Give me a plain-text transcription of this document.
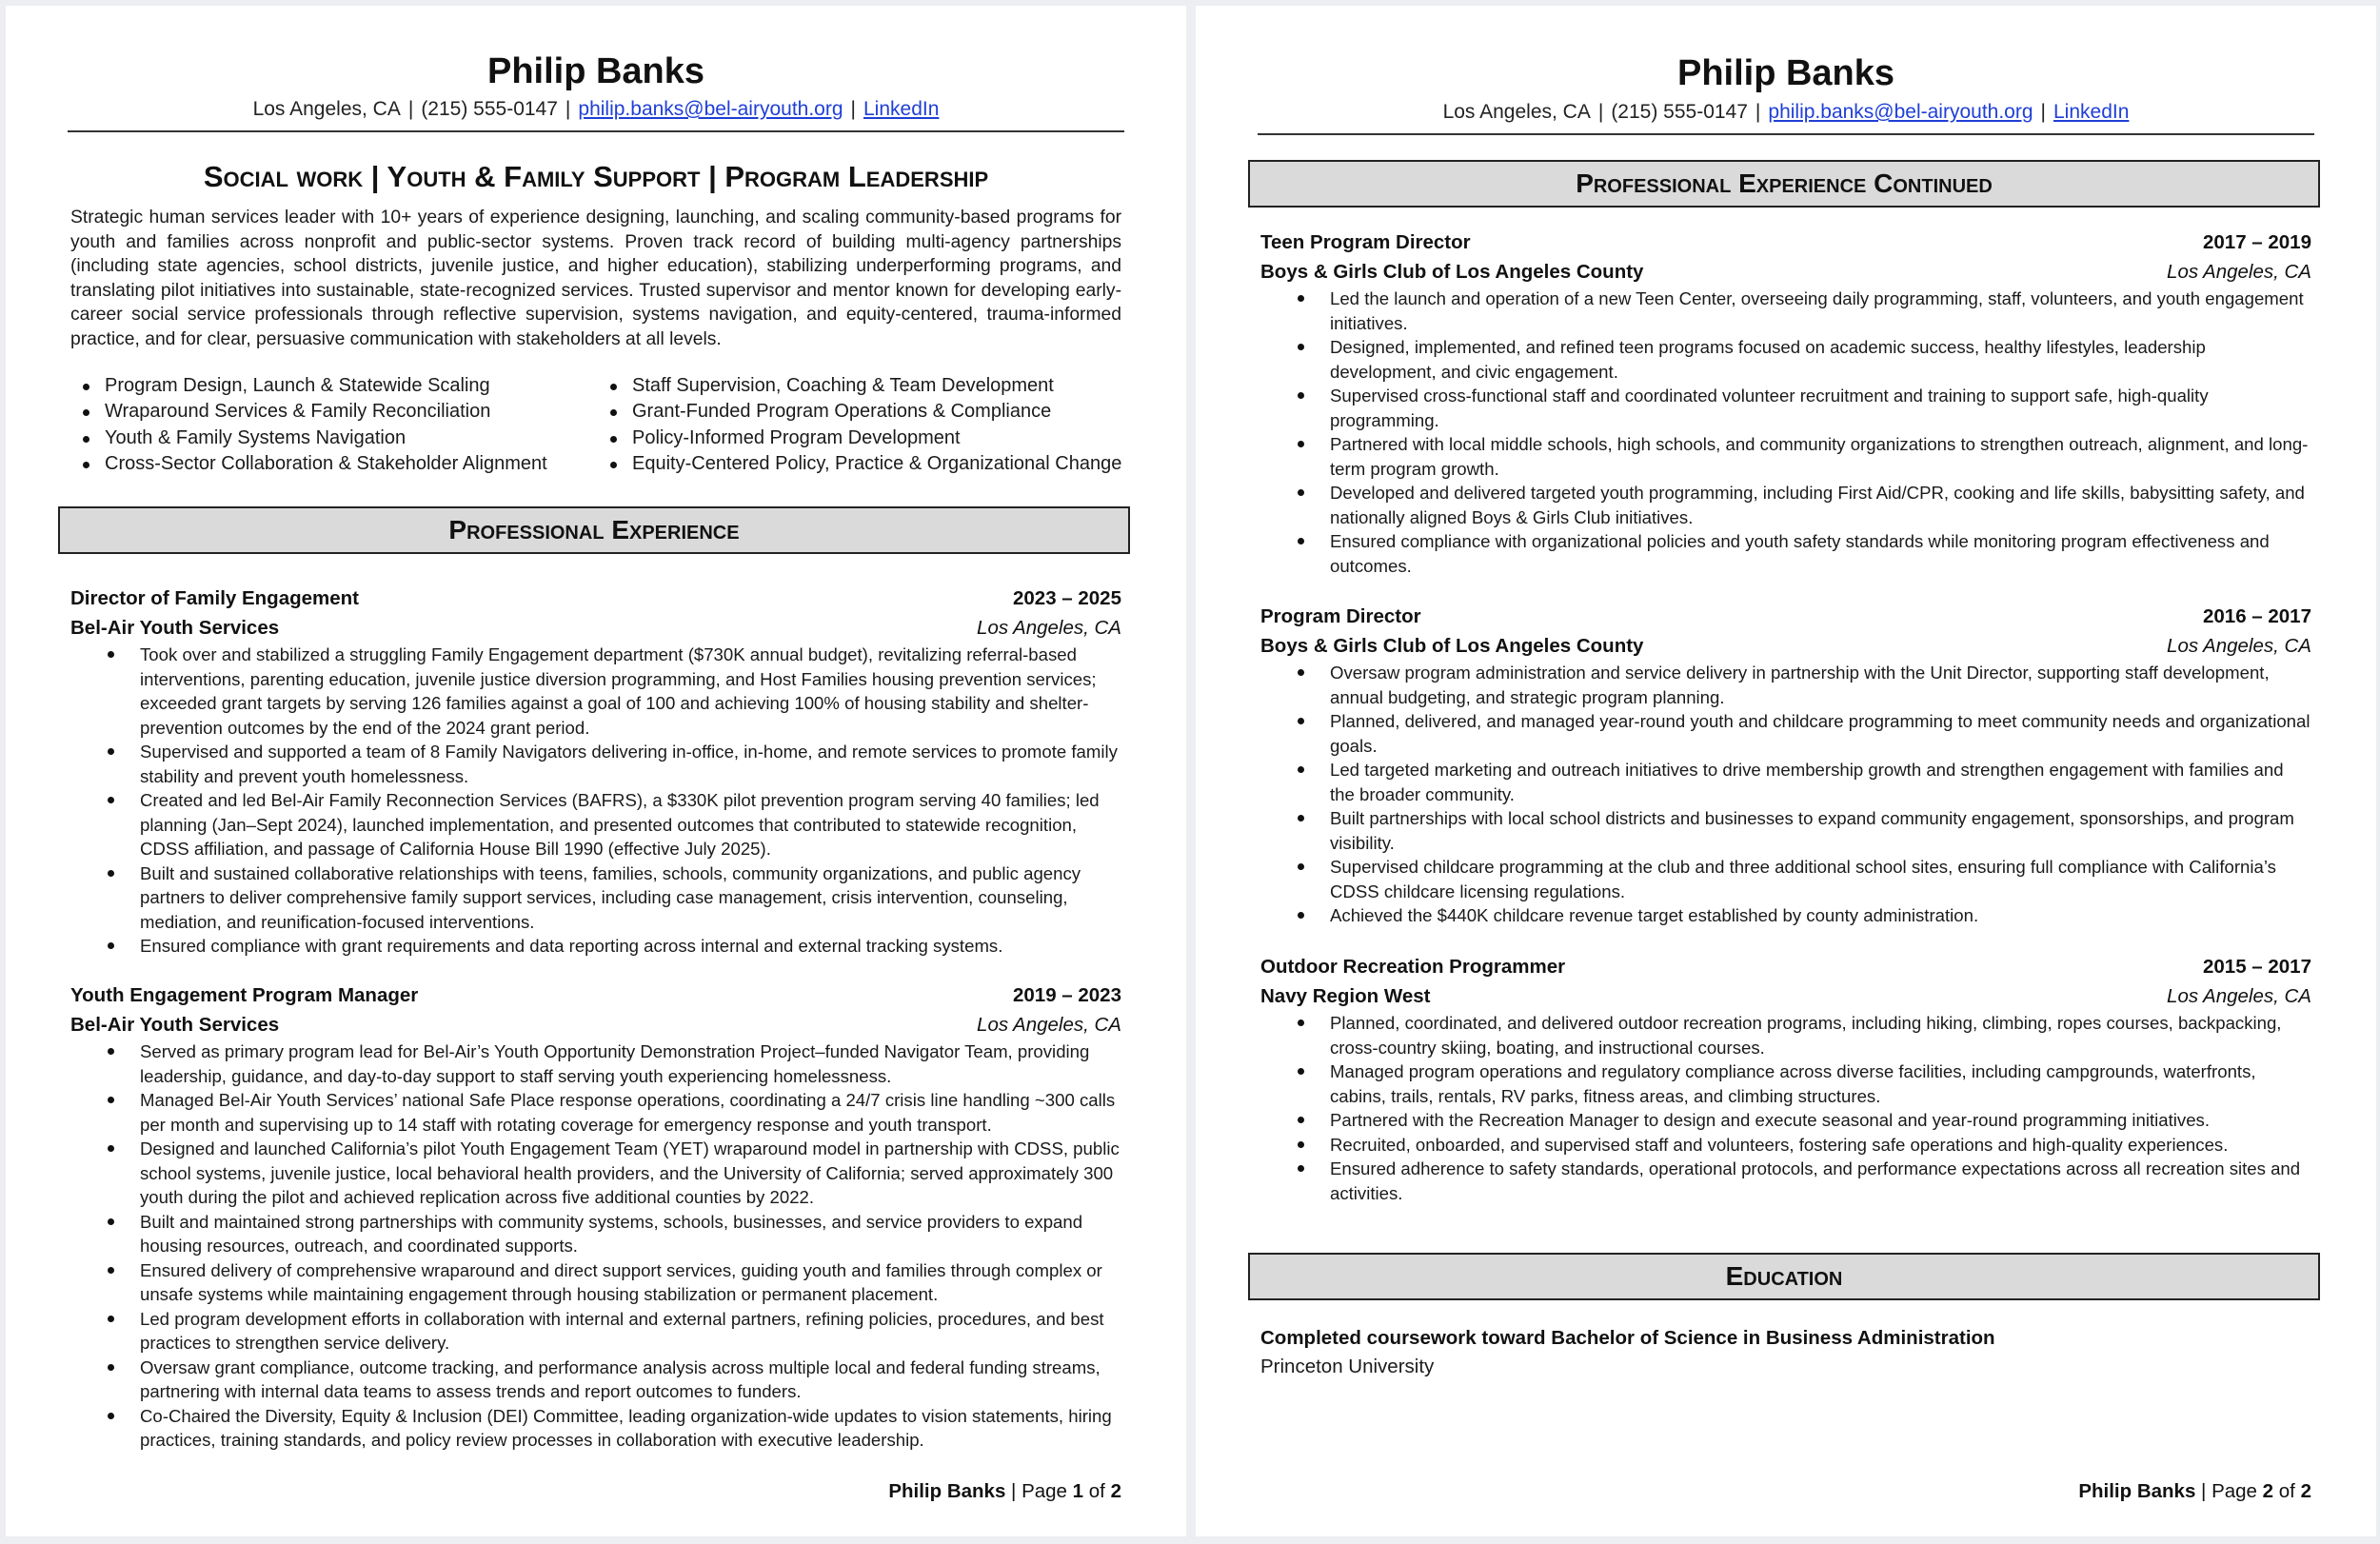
Philip Banks
Los Angeles, CA | (215) 555-0147 | philip.banks@bel-airyouth.org | LinkedIn
Social work | Youth & Family Support | Program Leadership
Strategic human services leader with 10+ years of experience designing, launching, and scaling community-based programs for youth and families across nonprofit and public-sector systems. Proven track record of building multi-agency partnerships (including state agencies, school districts, juvenile justice, and higher education), stabilizing underperforming programs, and translating pilot initiatives into sustainable, state-recognized services. Trusted supervisor and mentor known for developing early-career social service professionals through reflective supervision, systems navigation, and equity-centered, trauma-informed practice, and for clear, persuasive communication with stakeholders at all levels.
Program Design, Launch & Statewide Scaling
Wraparound Services & Family Reconciliation
Youth & Family Systems Navigation
Cross-Sector Collaboration & Stakeholder Alignment
Staff Supervision, Coaching & Team Development
Grant-Funded Program Operations & Compliance
Policy-Informed Program Development
Equity-Centered Policy, Practice & Organizational Change
Professional Experience
Director of Family Engagement	2023 – 2025
Bel-Air Youth Services	Los Angeles, CA
Took over and stabilized a struggling Family Engagement department ($730K annual budget), revitalizing referral-based interventions, parenting education, juvenile justice diversion programming, and Host Families housing prevention services; exceeded grant targets by serving 126 families against a goal of 100 and achieving 100% of housing stability and shelter-prevention outcomes by the end of the 2024 grant period.
Supervised and supported a team of 8 Family Navigators delivering in-office, in-home, and remote services to promote family stability and prevent youth homelessness.
Created and led Bel-Air Family Reconnection Services (BAFRS), a $330K pilot prevention program serving 40 families; led planning (Jan–Sept 2024), launched implementation, and presented outcomes that contributed to statewide recognition, CDSS affiliation, and passage of California House Bill 1990 (effective July 2025).
Built and sustained collaborative relationships with teens, families, schools, community organizations, and public agency partners to deliver comprehensive family support services, including case management, crisis intervention, counseling, mediation, and reunification-focused interventions.
Ensured compliance with grant requirements and data reporting across internal and external tracking systems.
Youth Engagement Program Manager	2019 – 2023
Bel-Air Youth Services	Los Angeles, CA
Served as primary program lead for Bel-Air’s Youth Opportunity Demonstration Project–funded Navigator Team, providing leadership, guidance, and day-to-day support to staff serving youth experiencing homelessness.
Managed Bel-Air Youth Services’ national Safe Place response operations, coordinating a 24/7 crisis line handling ~300 calls per month and supervising up to 14 staff with rotating coverage for emergency response and youth transport.
Designed and launched California’s pilot Youth Engagement Team (YET) wraparound model in partnership with CDSS, public school systems, juvenile justice, local behavioral health providers, and the University of California; served approximately 300 youth during the pilot and achieved replication across five additional counties by 2022.
Built and maintained strong partnerships with community systems, schools, businesses, and service providers to expand housing resources, outreach, and coordinated supports.
Ensured delivery of comprehensive wraparound and direct support services, guiding youth and families through complex or unsafe systems while maintaining engagement through housing stabilization or permanent placement.
Led program development efforts in collaboration with internal and external partners, refining policies, procedures, and best practices to strengthen service delivery.
Oversaw grant compliance, outcome tracking, and performance analysis across multiple local and federal funding streams, partnering with internal data teams to assess trends and report outcomes to funders.
Co-Chaired the Diversity, Equity & Inclusion (DEI) Committee, leading organization-wide updates to vision statements, hiring practices, training standards, and policy review processes in collaboration with executive leadership.
Philip Banks | Page 1 of 2
Philip Banks
Los Angeles, CA | (215) 555-0147 | philip.banks@bel-airyouth.org | LinkedIn
Professional Experience Continued
Teen Program Director	2017 – 2019
Boys & Girls Club of Los Angeles County	Los Angeles, CA
Led the launch and operation of a new Teen Center, overseeing daily programming, staff, volunteers, and youth engagement initiatives.
Designed, implemented, and refined teen programs focused on academic success, healthy lifestyles, leadership development, and civic engagement.
Supervised cross-functional staff and coordinated volunteer recruitment and training to support safe, high-quality programming.
Partnered with local middle schools, high schools, and community organizations to strengthen outreach, alignment, and long-term program growth.
Developed and delivered targeted youth programming, including First Aid/CPR, cooking and life skills, babysitting safety, and nationally aligned Boys & Girls Club initiatives.
Ensured compliance with organizational policies and youth safety standards while monitoring program effectiveness and outcomes.
Program Director	2016 – 2017
Boys & Girls Club of Los Angeles County	Los Angeles, CA
Oversaw program administration and service delivery in partnership with the Unit Director, supporting staff development, annual budgeting, and strategic program planning.
Planned, delivered, and managed year-round youth and childcare programming to meet community needs and organizational goals.
Led targeted marketing and outreach initiatives to drive membership growth and strengthen engagement with families and the broader community.
Built partnerships with local school districts and businesses to expand community engagement, sponsorships, and program visibility.
Supervised childcare programming at the club and three additional school sites, ensuring full compliance with California’s CDSS childcare licensing regulations.
Achieved the $440K childcare revenue target established by county administration.
Outdoor Recreation Programmer	2015 – 2017
Navy Region West	Los Angeles, CA
Planned, coordinated, and delivered outdoor recreation programs, including hiking, climbing, ropes courses, backpacking, cross-country skiing, boating, and instructional courses.
Managed program operations and regulatory compliance across diverse facilities, including campgrounds, waterfronts, cabins, trails, rentals, RV parks, fitness areas, and climbing structures.
Partnered with the Recreation Manager to design and execute seasonal and year-round programming initiatives.
Recruited, onboarded, and supervised staff and volunteers, fostering safe operations and high-quality experiences.
Ensured adherence to safety standards, operational protocols, and performance expectations across all recreation sites and activities.
Education
Completed coursework toward Bachelor of Science in Business Administration
Princeton University
Philip Banks | Page 2 of 2
